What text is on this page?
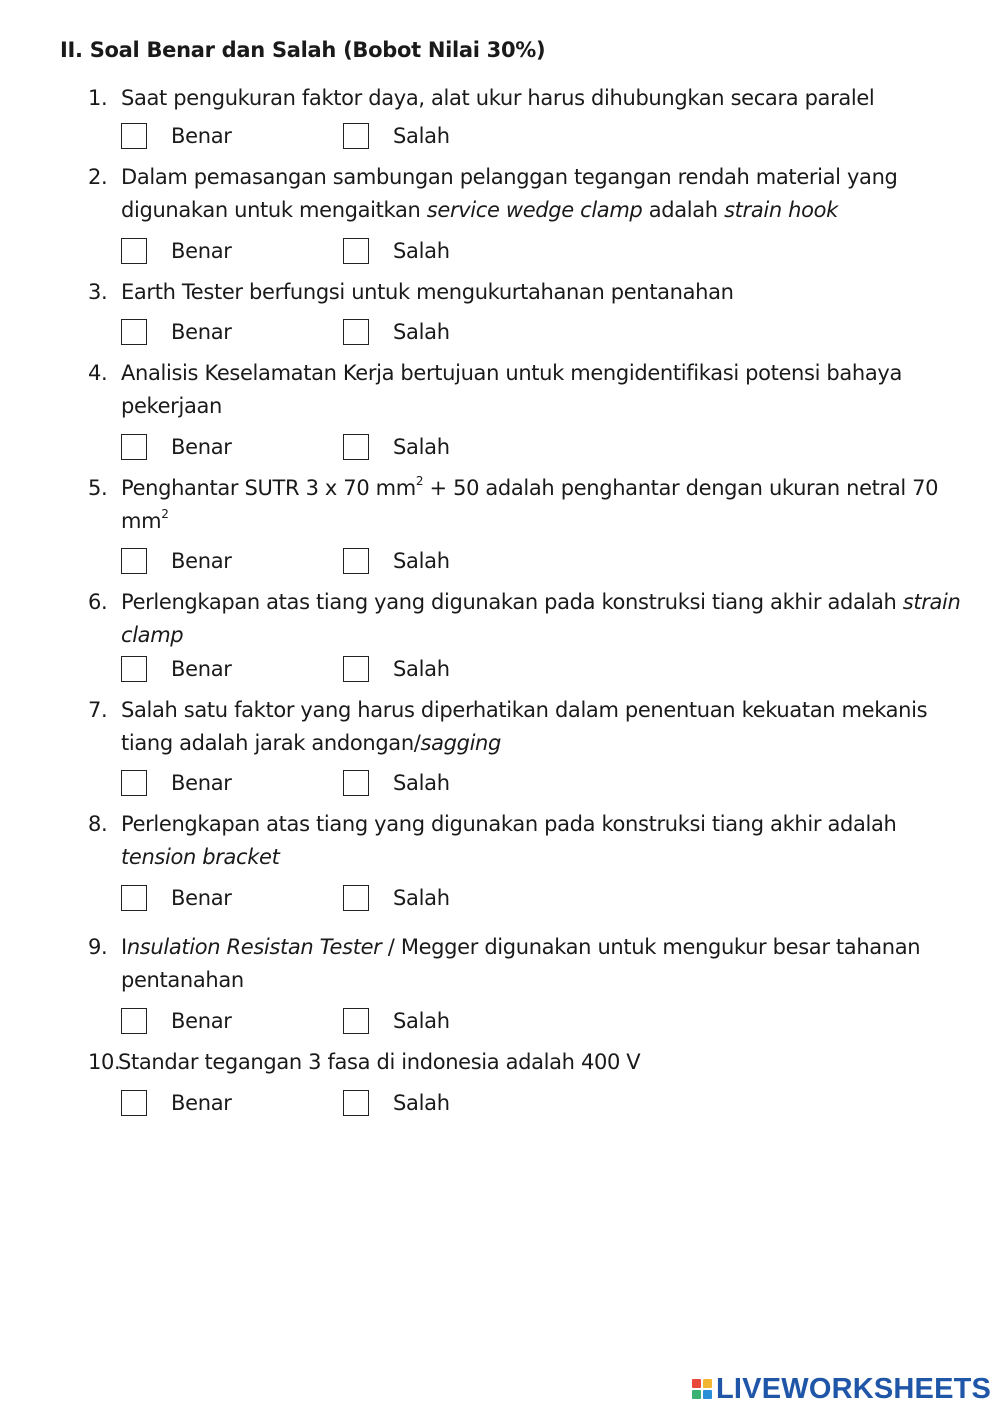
II. Soal Benar dan Salah (Bobot Nilai 30%)
1. Saat pengukuran faktor daya, alat ukur harus dihubungkan secara paralel
Benar	Salah
2. Dalam pemasangan sambungan pelanggan tegangan rendah material yang digunakan untuk mengaitkan service wedge clamp adalah strain hook
Benar	Salah
3. Earth Tester berfungsi untuk mengukurtahanan pentanahan
Benar	Salah
4. Analisis Keselamatan Kerja bertujuan untuk mengidentifikasi potensi bahaya pekerjaan
Benar	Salah
5. Penghantar SUTR 3 x 70 $mm^2 + 50$ adalah penghantar dengan ukuran netral 70 $mm^2$
Benar	Salah
6. Perlengkapan atas tiang yang digunakan pada konstruksi tiang akhir adalah strain clamp
Benar	Salah
7. Salah satu faktor yang harus diperhatikan dalam penentuan kekuatan mekanis tiang adalah jarak andongan/sagging
Benar	Salah
8. Perlengkapan atas tiang yang digunakan pada konstruksi tiang akhir adalah tension bracket
Benar	Salah
9. Insulation Resistan Tester / Megger digunakan untuk mengukur besar tahanan pentanahan
Benar	Salah
10.
Standar tegangan 3 fasa di indonesia adalah 400 V
Benar	Salah
LIVEWORKSHEETS
